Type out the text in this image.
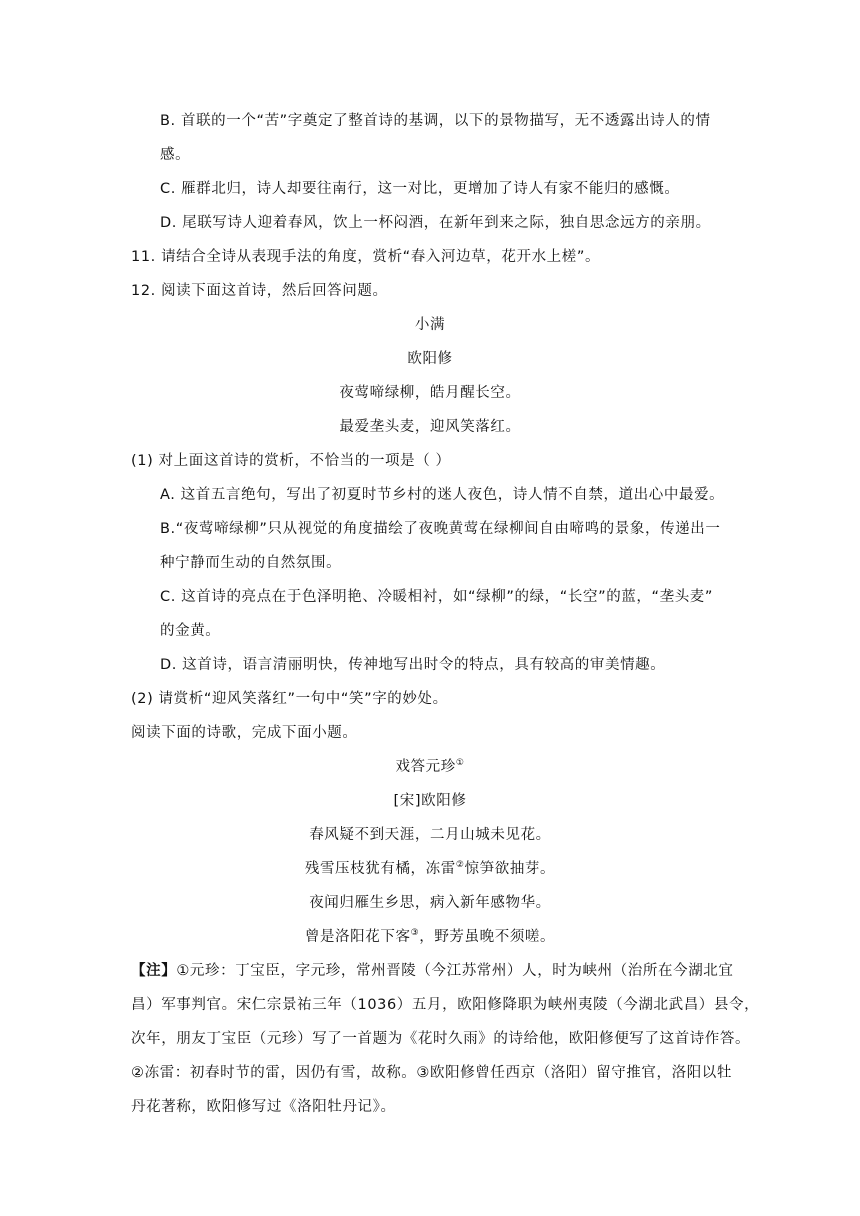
B. 首联的一个“苦”字奠定了整首诗的基调，以下的景物描写，无不透露出诗人的情
感。
C. 雁群北归，诗人却要往南行，这一对比，更增加了诗人有家不能归的感慨。
D. 尾联写诗人迎着春风，饮上一杯闷酒，在新年到来之际，独自思念远方的亲朋。
11. 请结合全诗从表现手法的角度，赏析“春入河边草，花开水上槎”。
12. 阅读下面这首诗，然后回答问题。
小满
欧阳修
夜莺啼绿柳，皓月醒长空。
最爱垄头麦，迎风笑落红。
(1) 对上面这首诗的赏析，不恰当的一项是（ ）
A. 这首五言绝句，写出了初夏时节乡村的迷人夜色，诗人情不自禁，道出心中最爱。
B.“夜莺啼绿柳”只从视觉的角度描绘了夜晚黄莺在绿柳间自由啼鸣的景象，传递出一
种宁静而生动的自然氛围。
C. 这首诗的亮点在于色泽明艳、冷暖相衬，如“绿柳”的绿，“长空”的蓝，“垄头麦”
的金黄。
D. 这首诗，语言清丽明快，传神地写出时令的特点，具有较高的审美情趣。
(2) 请赏析“迎风笑落红”一句中“笑”字的妙处。
阅读下面的诗歌，完成下面小题。
戏答元珍①
[宋]欧阳修
春风疑不到天涯，二月山城未见花。
残雪压枝犹有橘，冻雷②惊笋欲抽芽。
夜闻归雁生乡思，病入新年感物华。
曾是洛阳花下客③，野芳虽晚不须嗟。
【注】①元珍：丁宝臣，字元珍，常州晋陵（今江苏常州）人，时为峡州（治所在今湖北宜
昌）军事判官。宋仁宗景祐三年（1036）五月，欧阳修降职为峡州夷陵（今湖北武昌）县令，
次年，朋友丁宝臣（元珍）写了一首题为《花时久雨》的诗给他，欧阳修便写了这首诗作答。
②冻雷：初春时节的雷，因仍有雪，故称。③欧阳修曾任西京（洛阳）留守推官，洛阳以牡
丹花著称，欧阳修写过《洛阳牡丹记》。
